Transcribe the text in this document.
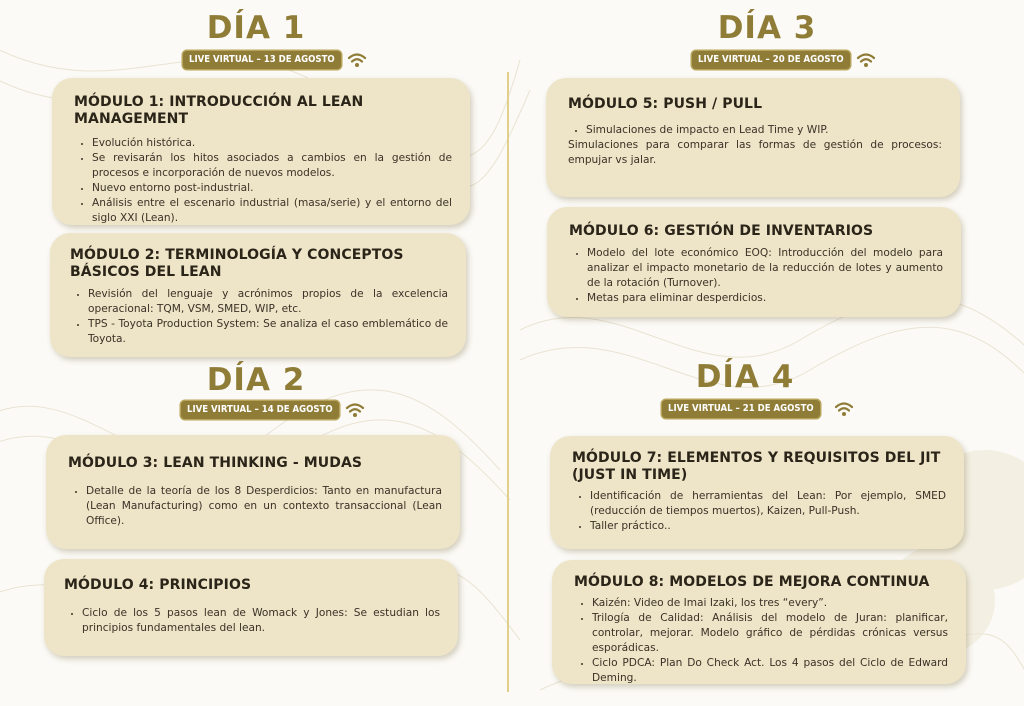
DÍA 1
LIVE VIRTUAL – 13 DE AGOSTO
MÓDULO 1: INTRODUCCIÓN AL LEAN MANAGEMENT
• Evolución histórica.
• Se revisarán los hitos asociados a cambios en la gestión de procesos e incorporación de nuevos modelos.
• Nuevo entorno post-industrial.
• Análisis entre el escenario industrial (masa/serie) y el entorno del siglo XXI (Lean).
MÓDULO 2: TERMINOLOGÍA Y CONCEPTOS BÁSICOS DEL LEAN
• Revisión del lenguaje y acrónimos propios de la excelencia operacional: TQM, VSM, SMED, WIP, etc.
• TPS - Toyota Production System: Se analiza el caso emblemático de Toyota.
DÍA 2
LIVE VIRTUAL – 14 DE AGOSTO
MÓDULO 3: LEAN THINKING - MUDAS
• Detalle de la teoría de los 8 Desperdicios: Tanto en manufactura (Lean Manufacturing) como en un contexto transaccional (Lean Office).
MÓDULO 4: PRINCIPIOS
• Ciclo de los 5 pasos lean de Womack y Jones: Se estudian los principios fundamentales del lean.
DÍA 3
LIVE VIRTUAL – 20 DE AGOSTO
MÓDULO 5: PUSH / PULL
• Simulaciones de impacto en Lead Time y WIP.

Simulaciones para comparar las formas de gestión de procesos: empujar vs jalar.

MÓDULO 6: GESTIÓN DE INVENTARIOS
• Modelo del lote económico EOQ: Introducción del modelo para analizar el impacto monetario de la reducción de lotes y aumento de la rotación (Turnover).
• Metas para eliminar desperdicios.
DÍA 4
LIVE VIRTUAL – 21 DE AGOSTO
MÓDULO 7: ELEMENTOS Y REQUISITOS DEL JIT (JUST IN TIME)
• Identificación de herramientas del Lean: Por ejemplo, SMED (reducción de tiempos muertos), Kaizen, Pull-Push.
• Taller práctico..
MÓDULO 8: MODELOS DE MEJORA CONTINUA
• Kaizén: Video de Imai Izaki, los tres “every”.
• Trilogía de Calidad: Análisis del modelo de Juran: planificar, controlar, mejorar. Modelo gráfico de pérdidas crónicas versus esporádicas.
• Ciclo PDCA: Plan Do Check Act. Los 4 pasos del Ciclo de Edward Deming.
